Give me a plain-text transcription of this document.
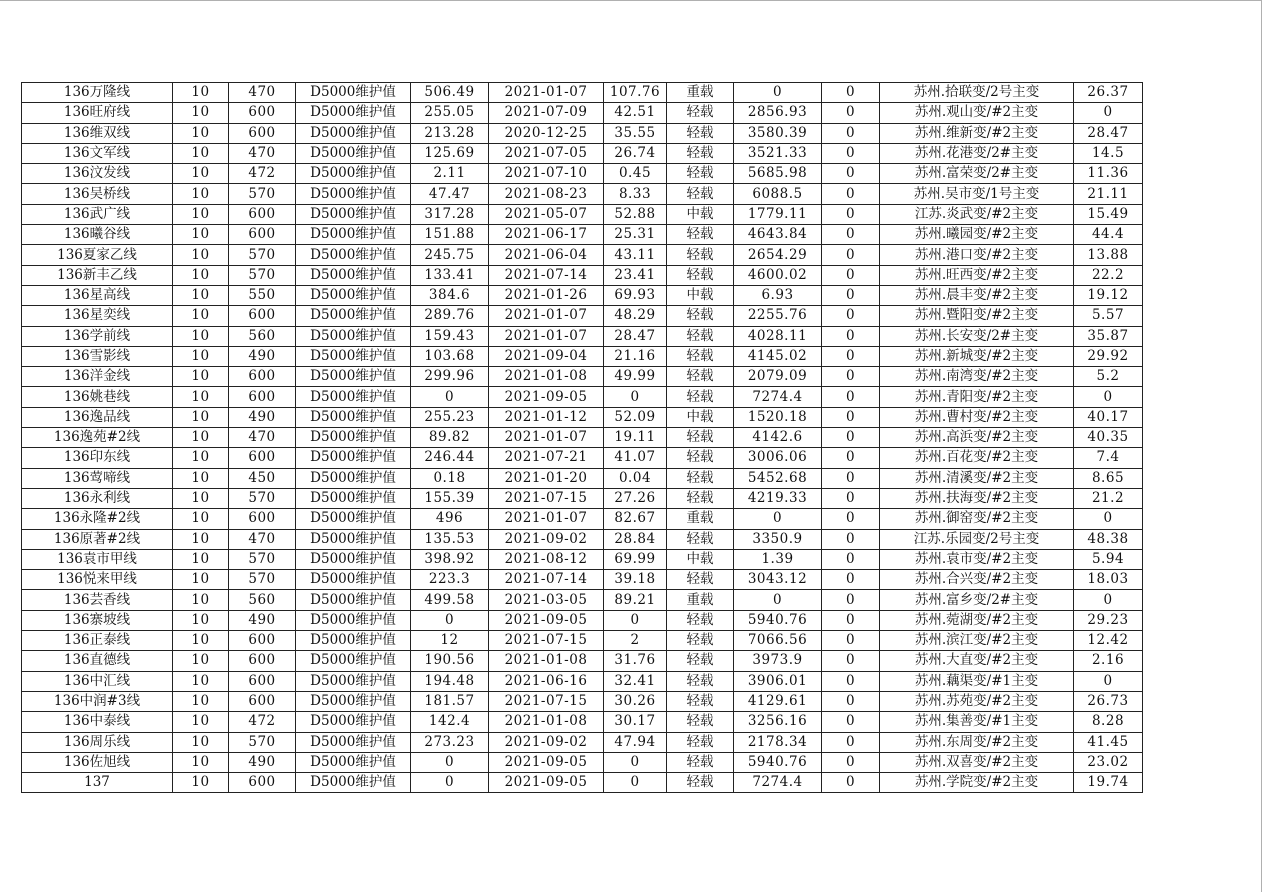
136万隆线	10	470	D5000维护值	506.49	2021-01-07	107.76	重载	0	0	苏州.拾联变/2号主变	26.37
136旺府线	10	600	D5000维护值	255.05	2021-07-09	42.51	轻载	2856.93	0	苏州.观山变/#2主变	0
136维双线	10	600	D5000维护值	213.28	2020-12-25	35.55	轻载	3580.39	0	苏州.维新变/#2主变	28.47
136文军线	10	470	D5000维护值	125.69	2021-07-05	26.74	轻载	3521.33	0	苏州.花港变/2#主变	14.5
136汶发线	10	472	D5000维护值	2.11	2021-07-10	0.45	轻载	5685.98	0	苏州.富荣变/2#主变	11.36
136吴桥线	10	570	D5000维护值	47.47	2021-08-23	8.33	轻载	6088.5	0	苏州.吴市变/1号主变	21.11
136武广线	10	600	D5000维护值	317.28	2021-05-07	52.88	中载	1779.11	0	江苏.炎武变/#2主变	15.49
136曦谷线	10	600	D5000维护值	151.88	2021-06-17	25.31	轻载	4643.84	0	苏州.曦园变/#2主变	44.4
136夏家乙线	10	570	D5000维护值	245.75	2021-06-04	43.11	轻载	2654.29	0	苏州.港口变/#2主变	13.88
136新丰乙线	10	570	D5000维护值	133.41	2021-07-14	23.41	轻载	4600.02	0	苏州.旺西变/#2主变	22.2
136星高线	10	550	D5000维护值	384.6	2021-01-26	69.93	中载	6.93	0	苏州.晨丰变/#2主变	19.12
136星奕线	10	600	D5000维护值	289.76	2021-01-07	48.29	轻载	2255.76	0	苏州.暨阳变/#2主变	5.57
136学前线	10	560	D5000维护值	159.43	2021-01-07	28.47	轻载	4028.11	0	苏州.长安变/2#主变	35.87
136雪影线	10	490	D5000维护值	103.68	2021-09-04	21.16	轻载	4145.02	0	苏州.新城变/#2主变	29.92
136洋金线	10	600	D5000维护值	299.96	2021-01-08	49.99	轻载	2079.09	0	苏州.南湾变/#2主变	5.2
136姚巷线	10	600	D5000维护值	0	2021-09-05	0	轻载	7274.4	0	苏州.青阳变/#2主变	0
136逸品线	10	490	D5000维护值	255.23	2021-01-12	52.09	中载	1520.18	0	苏州.曹村变/#2主变	40.17
136逸苑#2线	10	470	D5000维护值	89.82	2021-01-07	19.11	轻载	4142.6	0	苏州.高浜变/#2主变	40.35
136印东线	10	600	D5000维护值	246.44	2021-07-21	41.07	轻载	3006.06	0	苏州.百花变/#2主变	7.4
136莺啼线	10	450	D5000维护值	0.18	2021-01-20	0.04	轻载	5452.68	0	苏州.清溪变/#2主变	8.65
136永利线	10	570	D5000维护值	155.39	2021-07-15	27.26	轻载	4219.33	0	苏州.扶海变/#2主变	21.2
136永隆#2线	10	600	D5000维护值	496	2021-01-07	82.67	重载	0	0	苏州.御窑变/#2主变	0
136原著#2线	10	470	D5000维护值	135.53	2021-09-02	28.84	轻载	3350.9	0	江苏.乐园变/2号主变	48.38
136袁市甲线	10	570	D5000维护值	398.92	2021-08-12	69.99	中载	1.39	0	苏州.袁市变/#2主变	5.94
136悦来甲线	10	570	D5000维护值	223.3	2021-07-14	39.18	轻载	3043.12	0	苏州.合兴变/#2主变	18.03
136芸香线	10	560	D5000维护值	499.58	2021-03-05	89.21	重载	0	0	苏州.富乡变/2#主变	0
136寨坡线	10	490	D5000维护值	0	2021-09-05	0	轻载	5940.76	0	苏州.菀湖变/#2主变	29.23
136正泰线	10	600	D5000维护值	12	2021-07-15	2	轻载	7066.56	0	苏州.滨江变/#2主变	12.42
136直德线	10	600	D5000维护值	190.56	2021-01-08	31.76	轻载	3973.9	0	苏州.大直变/#2主变	2.16
136中汇线	10	600	D5000维护值	194.48	2021-06-16	32.41	轻载	3906.01	0	苏州.藕渠变/#1主变	0
136中润#3线	10	600	D5000维护值	181.57	2021-07-15	30.26	轻载	4129.61	0	苏州.苏苑变/#2主变	26.73
136中泰线	10	472	D5000维护值	142.4	2021-01-08	30.17	轻载	3256.16	0	苏州.集善变/#1主变	8.28
136周乐线	10	570	D5000维护值	273.23	2021-09-02	47.94	轻载	2178.34	0	苏州.东周变/#2主变	41.45
136佐旭线	10	490	D5000维护值	0	2021-09-05	0	轻载	5940.76	0	苏州.双喜变/#2主变	23.02
137	10	600	D5000维护值	0	2021-09-05	0	轻载	7274.4	0	苏州.学院变/#2主变	19.74
